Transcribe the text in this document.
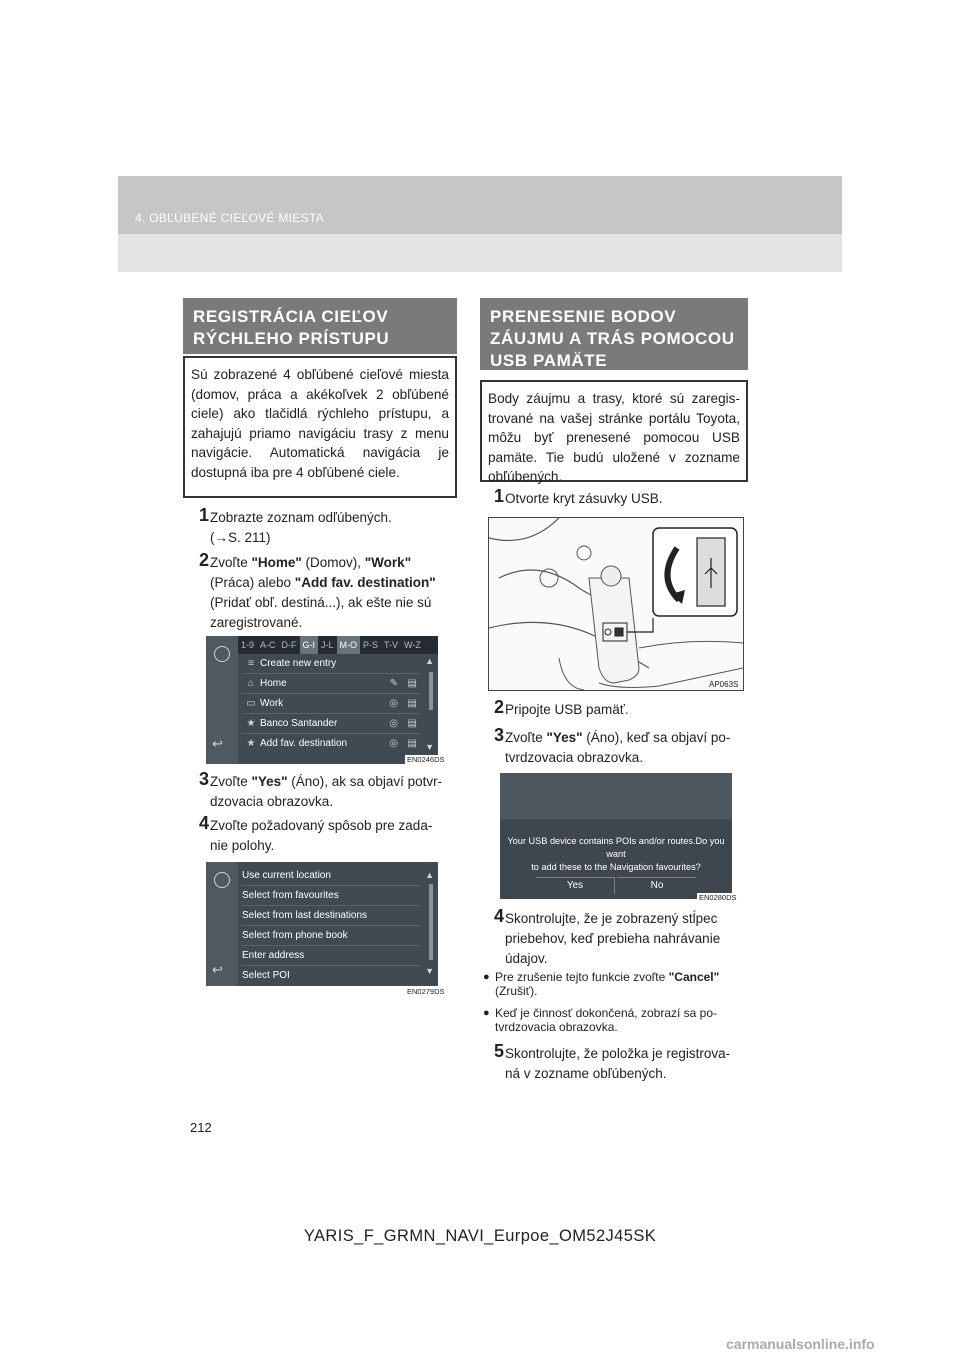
4. OBĽÚBENÉ CIEĽOVÉ MIESTA
REGISTRÁCIA CIEĽOV
RÝCHLEHO PRÍSTUPU
Sú zobrazené 4 obľúbené cieľové miesta (domov, práca a akékoľvek 2 obľúbené ciele) ako tlačidlá rýchleho prístupu, a zahajujú priamo navigáciu trasy z menu navigácie. Automatická navigácia je dostupná iba pre 4 obľúbené ciele.
1 Zobrazte zoznam odľúbených.
(→S. 211)
2 Zvoľte "Home" (Domov), "Work"
(Práca) alebo "Add fav. destination"
(Pridať obľ. destiná...), ak ešte nie sú
zaregistrované.
↩
1-9 A-C D-F G-I J-L M-O P-S T-V W-Z
≡ Create new entry
⌂ Home	✎ ▤
▭ Work	◎ ▤
★ Banco Santander	◎ ▤
★ Add fav. destination	◎ ▤
▲
▼
EN0246DS
3 Zvoľte "Yes" (Áno), ak sa objaví potvr-
dzovacia obrazovka.
4 Zvoľte požadovaný spôsob pre zada-
nie polohy.
↩
Use current location
Select from favourites
Select from last destinations
Select from phone book
Enter address
Select POI
▲
▼
EN0279DS
PRENESENIE BODOV
ZÁUJMU A TRÁS POMOCOU
USB PAMÄTE
Body záujmu a trasy, ktoré sú zaregistrované na vašej stránke portálu Toyota, môžu byť prenesené pomocou USB pamäte. Tie budú uložené v zozname obľúbených.
1 Otvorte kryt zásuvky USB.
AP063S
2 Pripojte USB pamäť.
3 Zvoľte "Yes" (Áno), keď sa objaví po-
tvrdzovacia obrazovka.
Your USB device contains POIs and/or routes.Do you want
to add these to the Navigation favourites?
Yes	No
EN0280DS
4 Skontrolujte, že je zobrazený stĺpec
priebehov, keď prebieha nahrávanie
údajov.
● Pre zrušenie tejto funkcie zvoľte "Cancel"
(Zrušiť).
● Keď je činnosť dokončená, zobrazí sa po-
tvrdzovacia obrazovka.
5 Skontrolujte, že položka je registrova-
ná v zozname obľúbených.
212
YARIS_F_GRMN_NAVI_Eurpoe_OM52J45SK
carmanualsonline.info
